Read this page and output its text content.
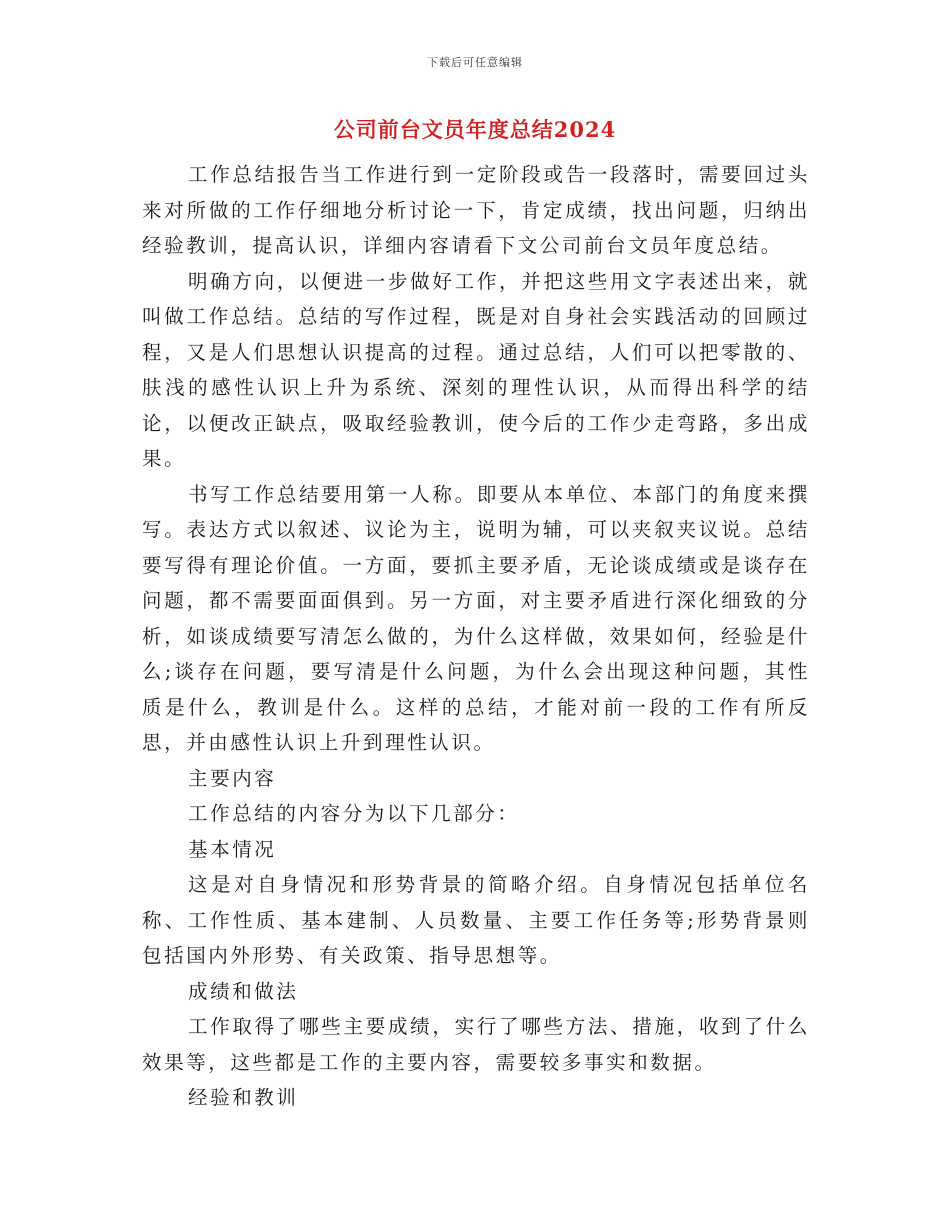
下载后可任意编辑
公司前台文员年度总结2024

工作总结报告当工作进行到一定阶段或告一段落时，需要回过头来对所做的工作仔细地分析讨论一下，肯定成绩，找出问题，归纳出经验教训，提高认识，详细内容请看下文公司前台文员年度总结。

明确方向，以便进一步做好工作，并把这些用文字表述出来，就叫做工作总结。总结的写作过程，既是对自身社会实践活动的回顾过程，又是人们思想认识提高的过程。通过总结，人们可以把零散的、肤浅的感性认识上升为系统、深刻的理性认识，从而得出科学的结论，以便改正缺点，吸取经验教训，使今后的工作少走弯路，多出成果。

书写工作总结要用第一人称。即要从本单位、本部门的角度来撰写。表达方式以叙述、议论为主，说明为辅，可以夹叙夹议说。总结要写得有理论价值。一方面，要抓主要矛盾，无论谈成绩或是谈存在问题，都不需要面面俱到。另一方面，对主要矛盾进行深化细致的分析，如谈成绩要写清怎么做的，为什么这样做，效果如何，经验是什么;谈存在问题，要写清是什么问题，为什么会出现这种问题，其性质是什么，教训是什么。这样的总结，才能对前一段的工作有所反思，并由感性认识上升到理性认识。

主要内容

工作总结的内容分为以下几部分：

基本情况

这是对自身情况和形势背景的简略介绍。自身情况包括单位名称、工作性质、基本建制、人员数量、主要工作任务等;形势背景则包括国内外形势、有关政策、指导思想等。

成绩和做法

工作取得了哪些主要成绩，实行了哪些方法、措施，收到了什么效果等，这些都是工作的主要内容，需要较多事实和数据。

经验和教训
